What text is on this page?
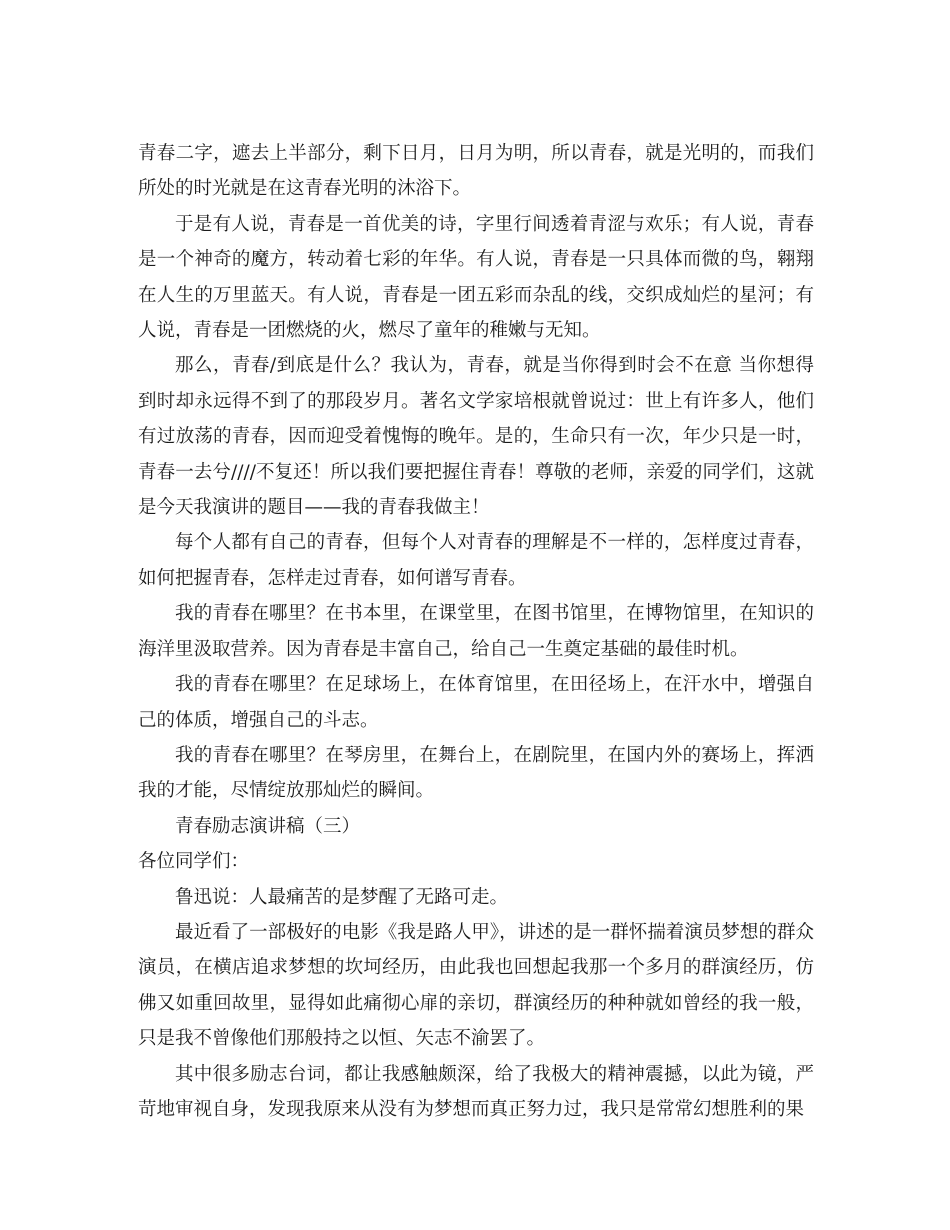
青春二字，遮去上半部分，剩下日月，日月为明，所以青春，就是光明的，而我们所处的时光就是在这青春光明的沐浴下。

于是有人说，青春是一首优美的诗，字里行间透着青涩与欢乐；有人说，青春是一个神奇的魔方，转动着七彩的年华。有人说，青春是一只具体而微的鸟，翱翔在人生的万里蓝天。有人说，青春是一团五彩而杂乱的线，交织成灿烂的星河；有人说，青春是一团燃烧的火，燃尽了童年的稚嫩与无知。

那么，青春/到底是什么？我认为，青春，就是当你得到时会不在意 当你想得到时却永远得不到了的那段岁月。著名文学家培根就曾说过：世上有许多人，他们有过放荡的青春，因而迎受着愧悔的晚年。是的，生命只有一次，年少只是一时，青春一去兮////不复还！所以我们要把握住青春！尊敬的老师，亲爱的同学们，这就是今天我演讲的题目——我的青春我做主！

每个人都有自己的青春，但每个人对青春的理解是不一样的，怎样度过青春，如何把握青春，怎样走过青春，如何谱写青春。

我的青春在哪里？在书本里，在课堂里，在图书馆里，在博物馆里，在知识的海洋里汲取营养。因为青春是丰富自己，给自己一生奠定基础的最佳时机。

我的青春在哪里？在足球场上，在体育馆里，在田径场上，在汗水中，增强自己的体质，增强自己的斗志。

我的青春在哪里？在琴房里，在舞台上，在剧院里，在国内外的赛场上，挥洒我的才能，尽情绽放那灿烂的瞬间。

青春励志演讲稿（三）

各位同学们：

鲁迅说：人最痛苦的是梦醒了无路可走。

最近看了一部极好的电影《我是路人甲》，讲述的是一群怀揣着演员梦想的群众演员，在横店追求梦想的坎坷经历，由此我也回想起我那一个多月的群演经历，仿佛又如重回故里，显得如此痛彻心扉的亲切，群演经历的种种就如曾经的我一般，只是我不曾像他们那般持之以恒、矢志不渝罢了。

其中很多励志台词，都让我感触颇深，给了我极大的精神震撼，以此为镜，严苛地审视自身，发现我原来从没有为梦想而真正努力过，我只是常常幻想胜利的果
